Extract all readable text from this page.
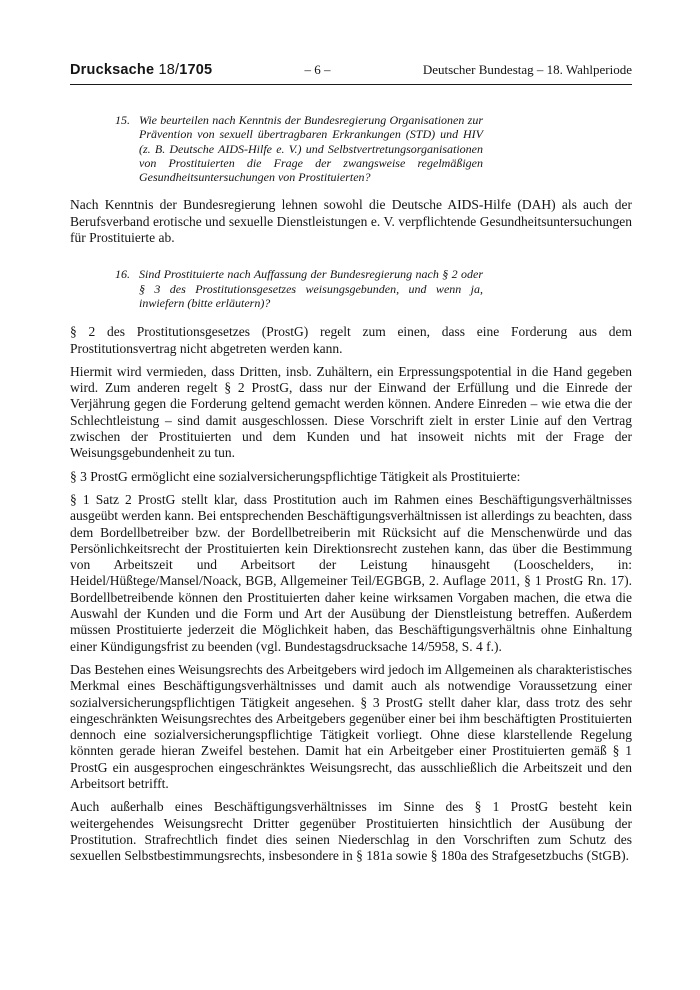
Drucksache 18/1705	– 6 –	Deutscher Bundestag – 18. Wahlperiode
15. Wie beurteilen nach Kenntnis der Bundesregierung Organisationen zur Prävention von sexuell übertragbaren Erkrankungen (STD) und HIV (z. B. Deutsche AIDS-Hilfe e. V.) und Selbstvertretungsorganisationen von Prostituierten die Frage der zwangsweise regelmäßigen Gesundheitsuntersuchungen von Prostituierten?

Nach Kenntnis der Bundesregierung lehnen sowohl die Deutsche AIDS-Hilfe (DAH) als auch der Berufsverband erotische und sexuelle Dienstleistungen e. V. verpflichtende Gesundheitsuntersuchungen für Prostituierte ab.

16. Sind Prostituierte nach Auffassung der Bundesregierung nach § 2 oder § 3 des Prostitutionsgesetzes weisungsgebunden, und wenn ja, inwiefern (bitte erläutern)?

§ 2 des Prostitutionsgesetzes (ProstG) regelt zum einen, dass eine Forderung aus dem Prostitutionsvertrag nicht abgetreten werden kann.

Hiermit wird vermieden, dass Dritten, insb. Zuhältern, ein Erpressungspotential in die Hand gegeben wird. Zum anderen regelt § 2 ProstG, dass nur der Einwand der Erfüllung und die Einrede der Verjährung gegen die Forderung geltend gemacht werden können. Andere Einreden – wie etwa die der Schlechtleistung – sind damit ausgeschlossen. Diese Vorschrift zielt in erster Linie auf den Vertrag zwischen der Prostituierten und dem Kunden und hat insoweit nichts mit der Frage der Weisungsgebundenheit zu tun.

§ 3 ProstG ermöglicht eine sozialversicherungspflichtige Tätigkeit als Prostituierte:

§ 1 Satz 2 ProstG stellt klar, dass Prostitution auch im Rahmen eines Beschäftigungsverhältnisses ausgeübt werden kann. Bei entsprechenden Beschäftigungsverhältnissen ist allerdings zu beachten, dass dem Bordellbetreiber bzw. der Bordellbetreiberin mit Rücksicht auf die Menschenwürde und das Persönlichkeitsrecht der Prostituierten kein Direktionsrecht zustehen kann, das über die Bestimmung von Arbeitszeit und Arbeitsort der Leistung hinausgeht (Looschelders, in: Heidel/Hüßtege/Mansel/Noack, BGB, Allgemeiner Teil/EGBGB, 2. Auflage 2011, § 1 ProstG Rn. 17). Bordellbetreibende können den Prostituierten daher keine wirksamen Vorgaben machen, die etwa die Auswahl der Kunden und die Form und Art der Ausübung der Dienstleistung betreffen. Außerdem müssen Prostituierte jederzeit die Möglichkeit haben, das Beschäftigungsverhältnis ohne Einhaltung einer Kündigungsfrist zu beenden (vgl. Bundestagsdrucksache 14/5958, S. 4 f.).

Das Bestehen eines Weisungsrechts des Arbeitgebers wird jedoch im Allgemeinen als charakteristisches Merkmal eines Beschäftigungsverhältnisses und damit auch als notwendige Voraussetzung einer sozialversicherungspflichtigen Tätigkeit angesehen. § 3 ProstG stellt daher klar, dass trotz des sehr eingeschränkten Weisungsrechtes des Arbeitgebers gegenüber einer bei ihm beschäftigten Prostituierten dennoch eine sozialversicherungspflichtige Tätigkeit vorliegt. Ohne diese klarstellende Regelung könnten gerade hieran Zweifel bestehen. Damit hat ein Arbeitgeber einer Prostituierten gemäß § 1 ProstG ein ausgesprochen eingeschränktes Weisungsrecht, das ausschließlich die Arbeitszeit und den Arbeitsort betrifft.

Auch außerhalb eines Beschäftigungsverhältnisses im Sinne des § 1 ProstG besteht kein weitergehendes Weisungsrecht Dritter gegenüber Prostituierten hinsichtlich der Ausübung der Prostitution. Strafrechtlich findet dies seinen Niederschlag in den Vorschriften zum Schutz des sexuellen Selbstbestimmungsrechts, insbesondere in § 181a sowie § 180a des Strafgesetzbuchs (StGB).
